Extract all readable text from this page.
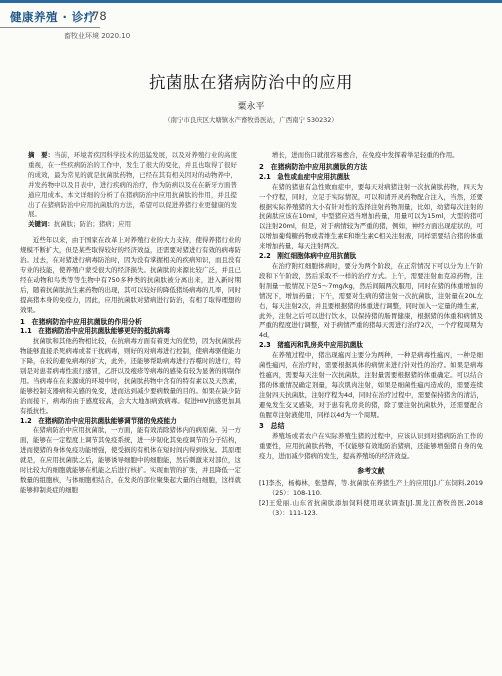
健康养殖 · 诊疗
78
畜牧业环境 2020.10
抗菌肽在猪病防治中的应用
粟永平
（南宁市良庆区大塘镇水产畜牧兽医站，广西南宁 530232）

摘　要：当前，环境者疾因科学技术的迅猛发展，以及对养殖行业的高度重视，在一些疾病防治的工作中，发生了很大的变化，并且也取得了很好的成效，最为常见的就是抗菌肽药物，已经在其有相关因对的动物养中，并发药物中以及目表中，进行疾病的治疗，作为防病以及在在新牙方面普通应用成本。本文详细的分析了在猪病防治中应用抗菌肽的作用，并且提出了在猪病防治中应用抗菌肽的方法，希望可以促进养猪行业更健康的发展。

关键词：抗菌肽；防治；猪病；应用

近些年以来，由于国家在改革上对养殖行业的大力支持，使得养猪行业的规模不断扩大，但是某些取得较好的经济效益，还需要对猪进行有效的病毒防治。过去，在对猪进行病毒防治时，因为没有掌握相关的疾病知识，而且没有专业的技能，使养殖户蒙受很大的经济损失。抗菌肽的来源比较广泛，并且已经在动物和鸟类等等生物中有750多种类的抗菌肽被分离出来，进入新时期后，随着抗菌肽抗生素药物的出现，其可以较好的降低猪场病毒的几率，同时提高猪本身的免疫力，因此，应用抗菌肽对猪病进行防治，有相了取得理想的效果。
1　在猪病防治中应用抗菌肽的作用分析
1.1　在猪病防治中应用抗菌肽能够更好的抵抗病毒
抗菌肽和其他药物相比较，在抗病毒方面有着更大的优势，因为抗菌肽药物能够直接杀死病毒或者干扰病毒，则好的对病毒进行控制，使病毒驱使能力下降，在较的避免病毒的扩大，此外，还能够帮助病毒进行吞噬时的进行，特别是对患者病毒性流行感冒，乙肝以及疱疹等病毒的感染有较为显著的抑制作用。当病毒在在来源成的环境中时，抗菌肽药物中含有的特有素以及天然素，能够控制支器病和关感的免变，进而达到减少要病数量的目的。如果在缺少防治而接下，病毒的由于感度较高，会大大地加病致病毒。促进HIV抗感更加具有抵抗性。
1.2　在猪病防治中应用抗菌肽能够调节猪的免疫能力
在猪病防治中应用抗菌肽，一方面，能有效消除猪体内的病原菌。另一方面，能够在一定程度上调节其免疫系统，进一步韧化其免疫调节的分子结构，进而使猪的身体免疫功能增强，使受损的有机体在短时间内得到恢复。其原理就是，在应用抗菌肽之后，能够诱导细胞中的细胞能，然后刺激来对部位，这时比较大的细胞就能够在机能之后进行核扩。实现血管的扩张，并且降低一定数量的组胞核，与体细胞相结合，在发炎的部位聚集起大量的白细胞，这样就能够抑制炎症的细胞
增长，进而伤口就很容易愈合，在免疫中发挥着举足轻重的作用。
2　在猪病防治中应用抗菌肽的方法
2.1　急性或血症中应用抗菌肽
在猪的猪患有急性败血症中，要每天对病猪注射一次抗菌肽药物，四天为一个疗程，同时，立足于实际情况，可以和清开灵药物配合注入，当然，还要根据实际养殖猪的大小有针对性的选择注射药物剂量，比如，幼猪每次注射的抗菌肽应该在10ml，中型猪应适当增加药量，用量可以为15ml，大型的猪可以注射20ml，但是，对于病情较为严重的猪，例如，神经方面出现症状的，可以增加葡萄糖药物或者维生素E和维生素C相关注射液，同样需要结合猪的体重来增加药量，每天注射两次。
2.2　刚红细胞体病中应用抗菌肽
在治疗附红细胞体病时，要分为两个阶段，在正常情况下可以分为上午阶段和下午阶段，然后采取不一样的治疗方式。上午，需要注射血克凉药物，注射剂量一般情况下是5～7mg/kg，然后间隔两次服用，同时在猪的体重增加的情况下，增加药量；下午，需要对生病的猪注射一次抗菌肽，注射量在20L左右，每天注射2次，并且要根据猪的体重进行调整，同时加入一定量的维生素，此外，注射之后可以进行饮水，以保持猪的肠胃健康，根据猪的体重和病情及严重的程度进行调整，对于病情严重的猪每天需进行治疗2次，一个疗程周期为4d。
2.3　猪瘟丙和乳房炎中应用抗菌肽
在养殖过程中，猪出现瘟丙主要分为两种，一种是病毒性瘟丙，一种是细菌性瘟丙，在治疗时，需要根据具体的病情来进行针对性的治疗。如果是病毒性瘟丙，需要每天注射一次抗菌肽，注射量需要根据猪的体重确定。可以结合猪的体重情况确定剂量，每次肌肉注射，如果是细菌性瘟丙造成的，需要连续注射四天抗菌肽，注射疗程为4d，同时在治疗过程中，需要保持猪舍的清洁，避免发生交叉感染，对于患有乳房炎的猪，除了要注射抗菌肽外，还需要配合鱼腥草注射液使用，同样以4d为一个周期。
3　总结
养殖场或者农户在实际养殖生猪的过程中，应该认识到对猪病防治工作的重要性，应用抗菌肽药物，不仅能够有效地防治猪病，还能够增强猪自身的免疫力，进而减少猪病的发生，提高养殖场的经济效益。
参考文献
[1]李杰，杨梅林，张慧辉，等.抗菌肽在养猪生产上的应用[J].广东饲料,2019（25）：108-110.
[2]王爱丽.山东省抗菌肽添加饲料使用现状调查[J].黑龙江畜牧兽医,2018（3）：111-123.
